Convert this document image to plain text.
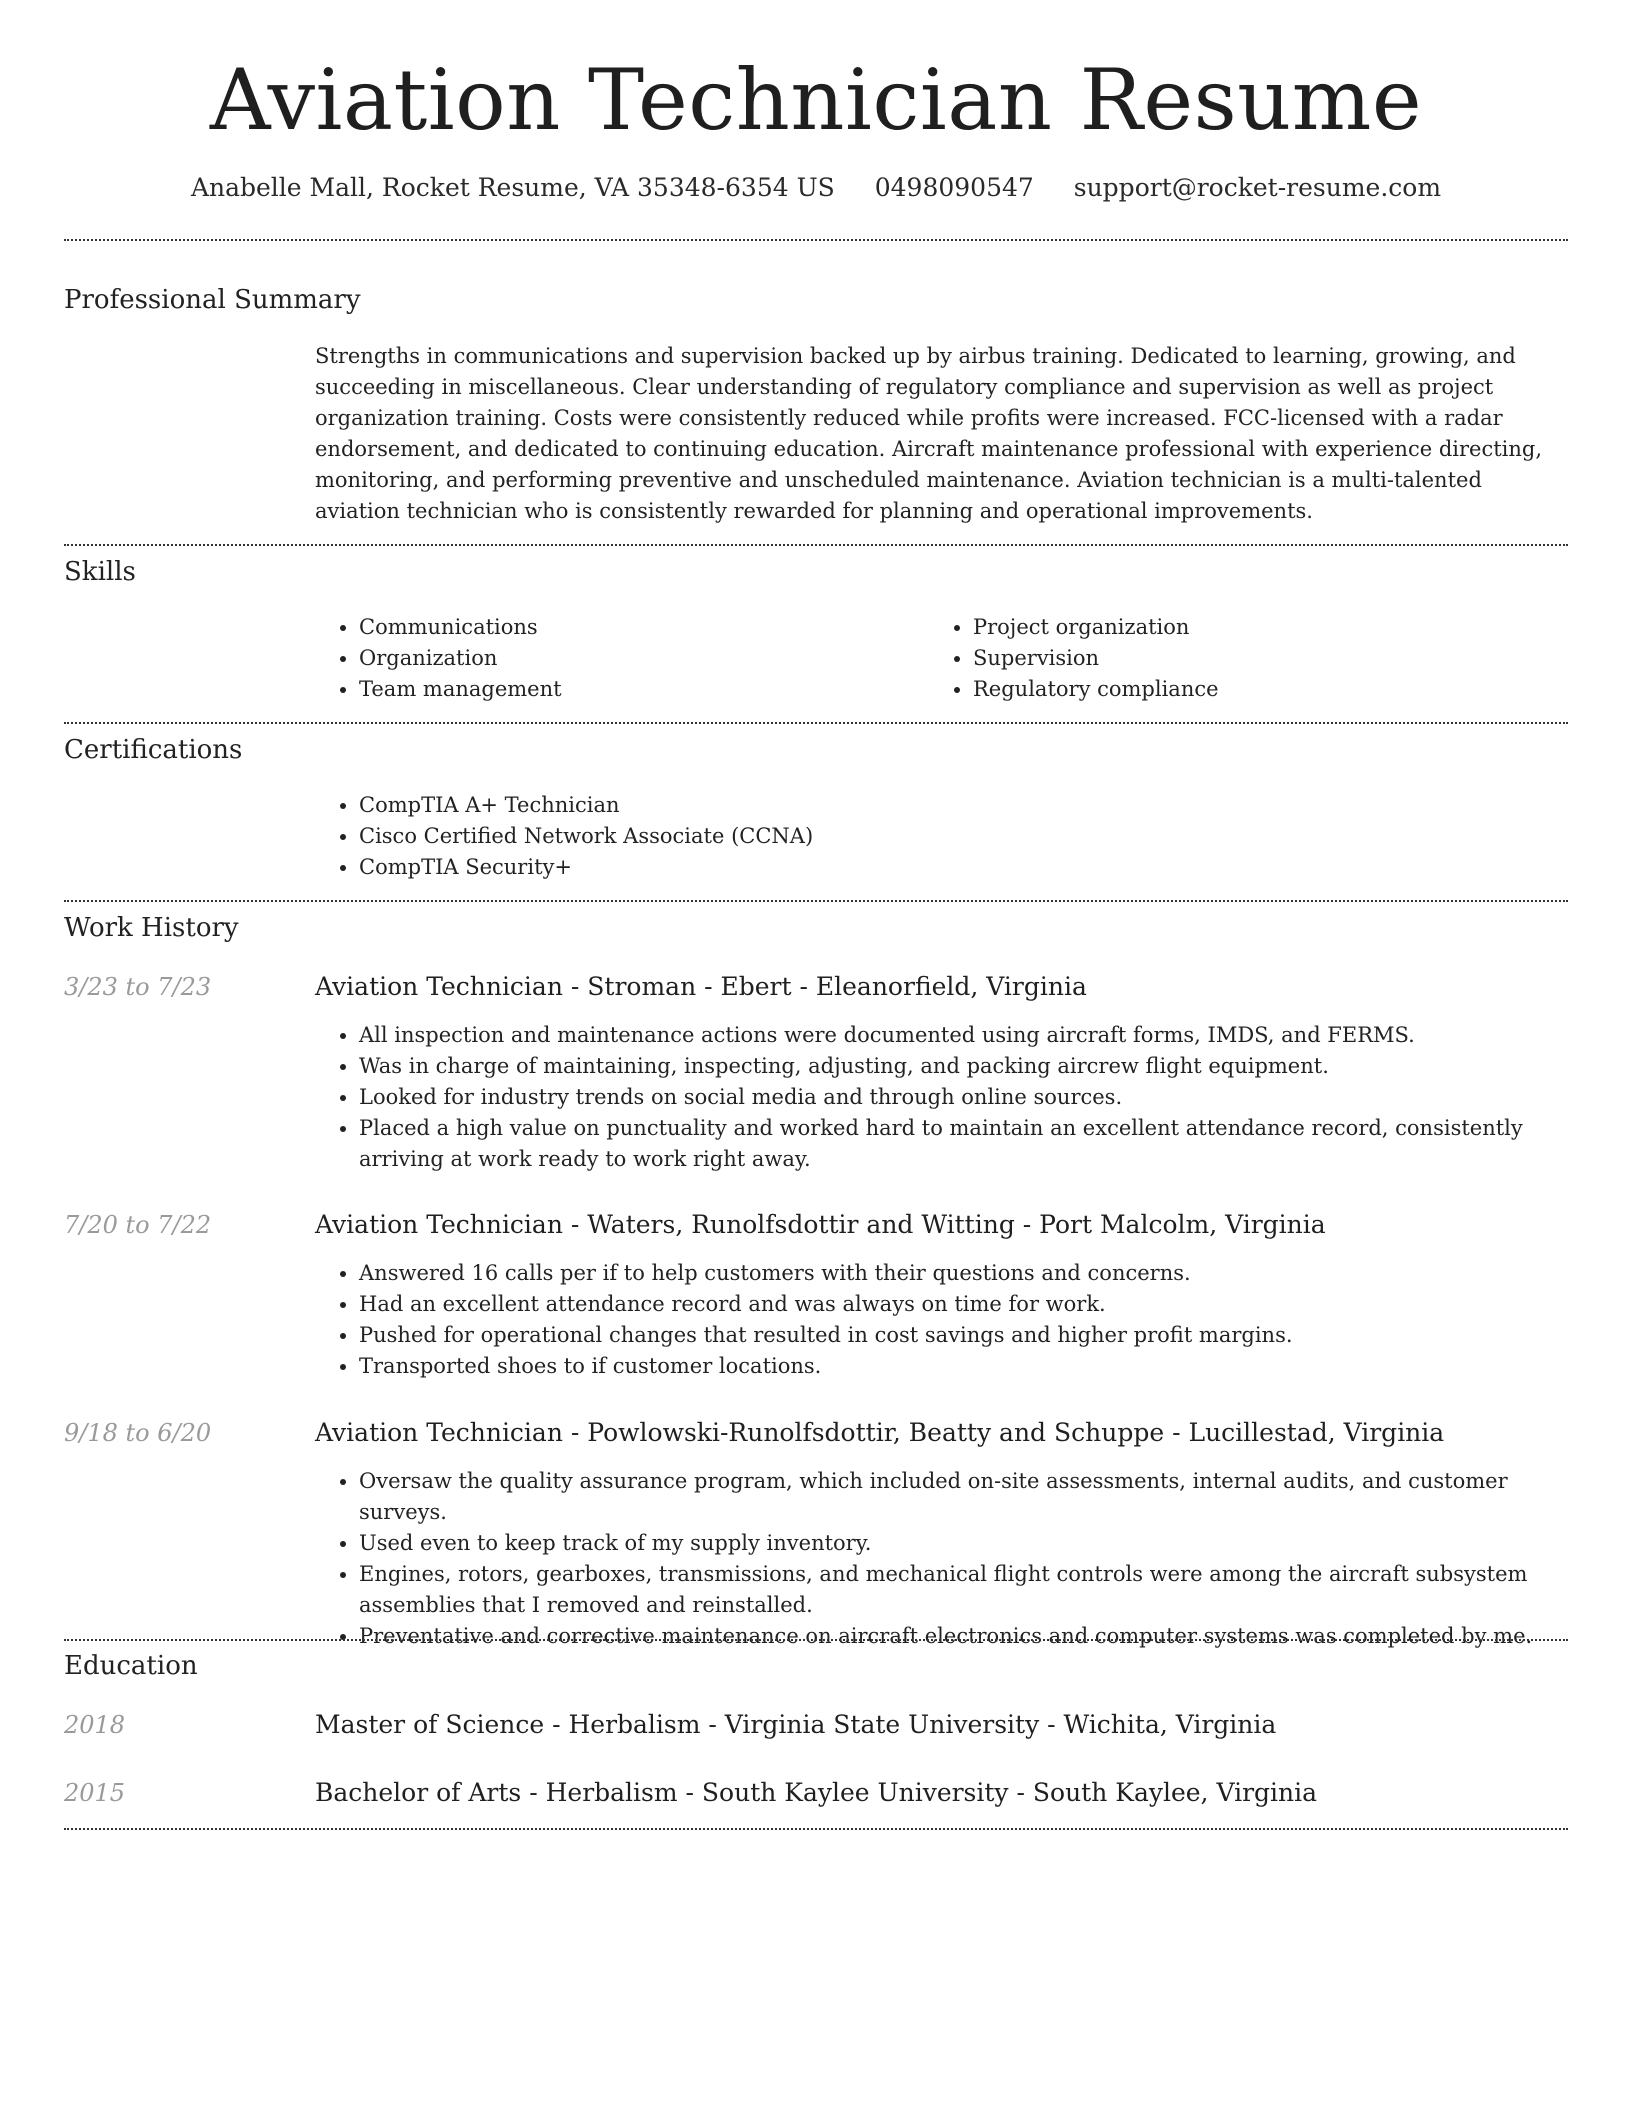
Aviation Technician Resume
Anabelle Mall, Rocket Resume, VA 35348-6354 US 0498090547 support@rocket-resume.com
Professional Summary

Strengths in communications and supervision backed up by airbus training. Dedicated to learning, growing, and succeeding in miscellaneous. Clear understanding of regulatory compliance and supervision as well as project organization training. Costs were consistently reduced while profits were increased. FCC-licensed with a radar endorsement, and dedicated to continuing education. Aircraft maintenance professional with experience directing, monitoring, and performing preventive and unscheduled maintenance. Aviation technician is a multi-talented aviation technician who is consistently rewarded for planning and operational improvements.

Skills
• Communications
• Organization
• Team management
• Project organization
• Supervision
• Regulatory compliance
Certifications
• CompTIA A+ Technician
• Cisco Certified Network Associate (CCNA)
• CompTIA Security+
Work History
3/23 to 7/23	Aviation Technician - Stroman - Ebert - Eleanorfield, Virginia
• All inspection and maintenance actions were documented using aircraft forms, IMDS, and FERMS.
• Was in charge of maintaining, inspecting, adjusting, and packing aircrew flight equipment.
• Looked for industry trends on social media and through online sources.
• Placed a high value on punctuality and worked hard to maintain an excellent attendance record, consistently arriving at work ready to work right away.
7/20 to 7/22	Aviation Technician - Waters, Runolfsdottir and Witting - Port Malcolm, Virginia
• Answered 16 calls per if to help customers with their questions and concerns.
• Had an excellent attendance record and was always on time for work.
• Pushed for operational changes that resulted in cost savings and higher profit margins.
• Transported shoes to if customer locations.
9/18 to 6/20	Aviation Technician - Powlowski-Runolfsdottir, Beatty and Schuppe - Lucillestad, Virginia
• Oversaw the quality assurance program, which included on-site assessments, internal audits, and customer surveys.
• Used even to keep track of my supply inventory.
• Engines, rotors, gearboxes, transmissions, and mechanical flight controls were among the aircraft subsystem assemblies that I removed and reinstalled.
• Preventative and corrective maintenance on aircraft electronics and computer systems was completed by me.
Education
2018	Master of Science - Herbalism - Virginia State University - Wichita, Virginia
2015	Bachelor of Arts - Herbalism - South Kaylee University - South Kaylee, Virginia
